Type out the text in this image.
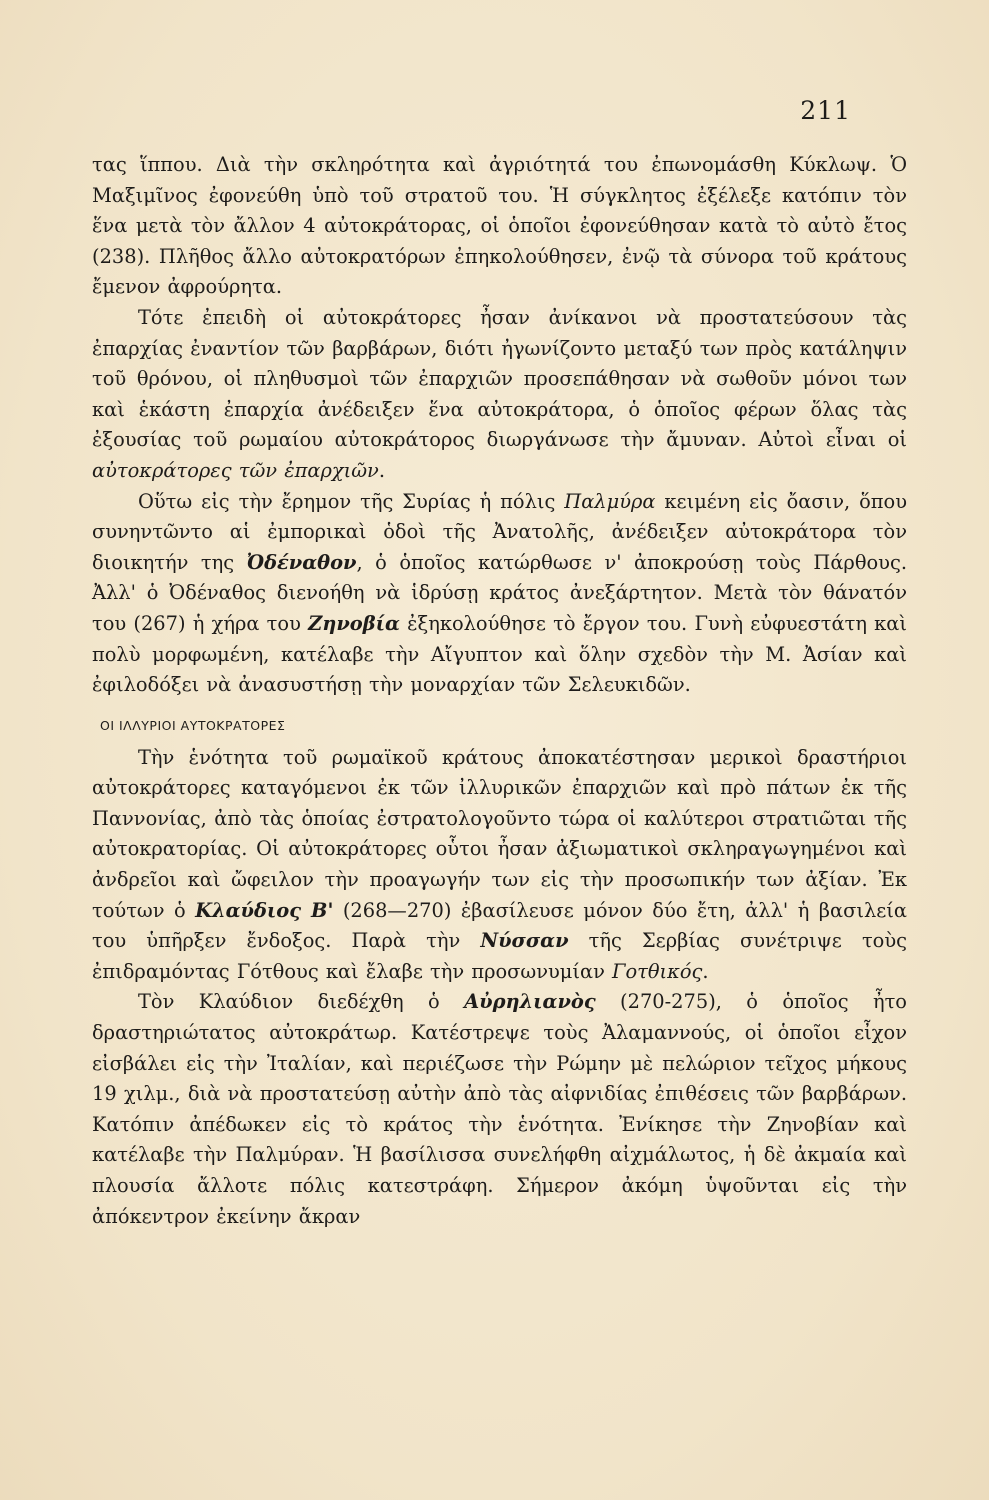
211

τας ἵππου. Διὰ τὴν σκληρότητα καὶ ἀγριότητά του ἐπωνομάσθη Κύκλωψ. Ὁ Μαξιμῖνος ἐφονεύθη ὑπὸ τοῦ στρατοῦ του. Ἡ σύγκλητος ἐξέλεξε κατόπιν τὸν ἕνα μετὰ τὸν ἄλλον 4 αὐτοκράτορας, οἱ ὁποῖοι ἐφονεύθησαν κατὰ τὸ αὐτὸ ἔτος (238). Πλῆθος ἄλλο αὐτοκρατόρων ἐπηκολούθησεν, ἐνῷ τὰ σύνορα τοῦ κράτους ἔμενον ἀφρούρητα.

Τότε ἐπειδὴ οἱ αὐτοκράτορες ἦσαν ἀνίκανοι νὰ προστατεύσουν τὰς ἐπαρχίας ἐναντίον τῶν βαρβάρων, διότι ἠγωνίζοντο μεταξύ των πρὸς κατάληψιν τοῦ θρόνου, οἱ πληθυσμοὶ τῶν ἐπαρχιῶν προσεπάθησαν νὰ σωθοῦν μόνοι των καὶ ἑκάστη ἐπαρχία ἀνέδειξεν ἕνα αὐτοκράτορα, ὁ ὁποῖος φέρων ὅλας τὰς ἐξουσίας τοῦ ρωμαίου αὐτοκράτορος διωργάνωσε τὴν ἄμυναν. Αὐτοὶ εἶναι οἱ αὐτοκράτορες τῶν ἐπαρχιῶν.

Οὕτω εἰς τὴν ἔρημον τῆς Συρίας ἡ πόλις Παλμύρα κειμένη εἰς ὄασιν, ὅπου συνηντῶντο αἱ ἐμπορικαὶ ὁδοὶ τῆς Ἀνατολῆς, ἀνέδειξεν αὐτοκράτορα τὸν διοικητήν της Ὀδέναθον, ὁ ὁποῖος κατώρθωσε ν' ἀποκρούσῃ τοὺς Πάρθους. Ἀλλ' ὁ Ὀδέναθος διενοήθη νὰ ἱδρύσῃ κράτος ἀνεξάρτητον. Μετὰ τὸν θάνατόν του (267) ἡ χήρα του Ζηνοβία ἐξηκολούθησε τὸ ἔργον του. Γυνὴ εὐφυεστάτη καὶ πολὺ μορφωμένη, κατέλαβε τὴν Αἴγυπτον καὶ ὅλην σχεδὸν τὴν Μ. Ἀσίαν καὶ ἐφιλοδόξει νὰ ἀνασυστήσῃ τὴν μοναρχίαν τῶν Σελευκιδῶν.

ΟΙ ΙΛΛΥΡΙΟΙ ΑΥΤΟΚΡΑΤΟΡΕΣ

Τὴν ἑνότητα τοῦ ρωμαϊκοῦ κράτους ἀποκατέστησαν μερικοὶ δραστήριοι αὐτοκράτορες καταγόμενοι ἐκ τῶν ἰλλυρικῶν ἐπαρχιῶν καὶ πρὸ πάτων ἐκ τῆς Παννονίας, ἀπὸ τὰς ὁποίας ἐστρατολογοῦντο τώρα οἱ καλύτεροι στρατιῶται τῆς αὐτοκρατορίας. Οἱ αὐτοκράτορες οὗτοι ἦσαν ἀξιωματικοὶ σκληραγωγημένοι καὶ ἀνδρεῖοι καὶ ὤφειλον τὴν προαγωγήν των εἰς τὴν προσωπικήν των ἀξίαν. Ἐκ τούτων ὁ Κλαύδιος Β' (268—270) ἐβασίλευσε μόνον δύο ἔτη, ἀλλ' ἡ βασιλεία του ὑπῆρξεν ἔνδοξος. Παρὰ τὴν Νύσσαν τῆς Σερβίας συνέτριψε τοὺς ἐπιδραμόντας Γότθους καὶ ἔλαβε τὴν προσωνυμίαν Γοτθικός.

Τὸν Κλαύδιον διεδέχθη ὁ Αὐρηλιανὸς (270-275), ὁ ὁποῖος ἦτο δραστηριώτατος αὐτοκράτωρ. Κατέστρεψε τοὺς Ἀλαμαννούς, οἱ ὁποῖοι εἶχον εἰσβάλει εἰς τὴν Ἰταλίαν, καὶ περιέζωσε τὴν Ρώμην μὲ πελώριον τεῖχος μήκους 19 χιλμ., διὰ νὰ προστατεύσῃ αὐτὴν ἀπὸ τὰς αἰφνιδίας ἐπιθέσεις τῶν βαρβάρων. Κατόπιν ἀπέδωκεν εἰς τὸ κράτος τὴν ἑνότητα. Ἐνίκησε τὴν Ζηνοβίαν καὶ κατέλαβε τὴν Παλμύραν. Ἡ βασίλισσα συνελήφθη αἰχμάλωτος, ἡ δὲ ἀκμαία καὶ πλουσία ἄλλοτε πόλις κατεστράφη. Σήμερον ἀκόμη ὑψοῦνται εἰς τὴν ἀπόκεντρον ἐκείνην ἄκραν
